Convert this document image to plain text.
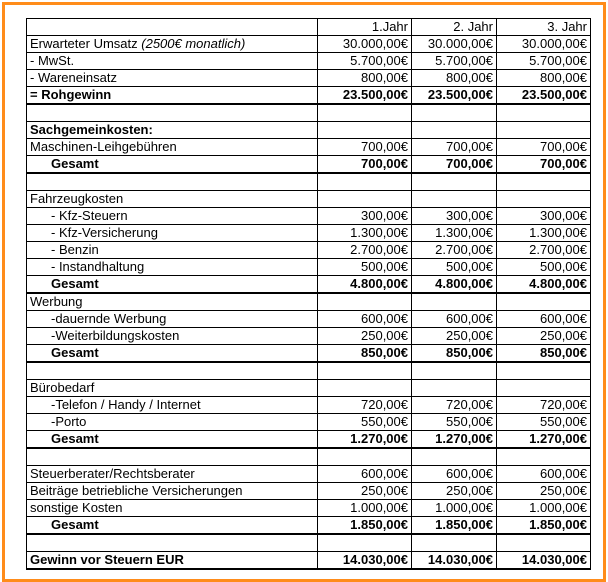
	1.Jahr	2. Jahr	3. Jahr
Erwarteter Umsatz (2500€ monatlich)	30.000,00€	30.000,00€	30.000,00€
- MwSt.	5.700,00€	5.700,00€	5.700,00€
- Wareneinsatz	800,00€	800,00€	800,00€
= Rohgewinn	23.500,00€	23.500,00€	23.500,00€

Sachgemeinkosten:			
Maschinen-Leihgebühren	700,00€	700,00€	700,00€
Gesamt	700,00€	700,00€	700,00€

Fahrzeugkosten			
- Kfz-Steuern	300,00€	300,00€	300,00€
- Kfz-Versicherung	1.300,00€	1.300,00€	1.300,00€
- Benzin	2.700,00€	2.700,00€	2.700,00€
- Instandhaltung	500,00€	500,00€	500,00€
Gesamt	4.800,00€	4.800,00€	4.800,00€
Werbung			
-dauernde Werbung	600,00€	600,00€	600,00€
-Weiterbildungskosten	250,00€	250,00€	250,00€
Gesamt	850,00€	850,00€	850,00€

Bürobedarf			
-Telefon / Handy / Internet	720,00€	720,00€	720,00€
-Porto	550,00€	550,00€	550,00€
Gesamt	1.270,00€	1.270,00€	1.270,00€

Steuerberater/Rechtsberater	600,00€	600,00€	600,00€
Beiträge betriebliche Versicherungen	250,00€	250,00€	250,00€
sonstige Kosten	1.000,00€	1.000,00€	1.000,00€
Gesamt	1.850,00€	1.850,00€	1.850,00€

Gewinn vor Steuern EUR	14.030,00€	14.030,00€	14.030,00€
